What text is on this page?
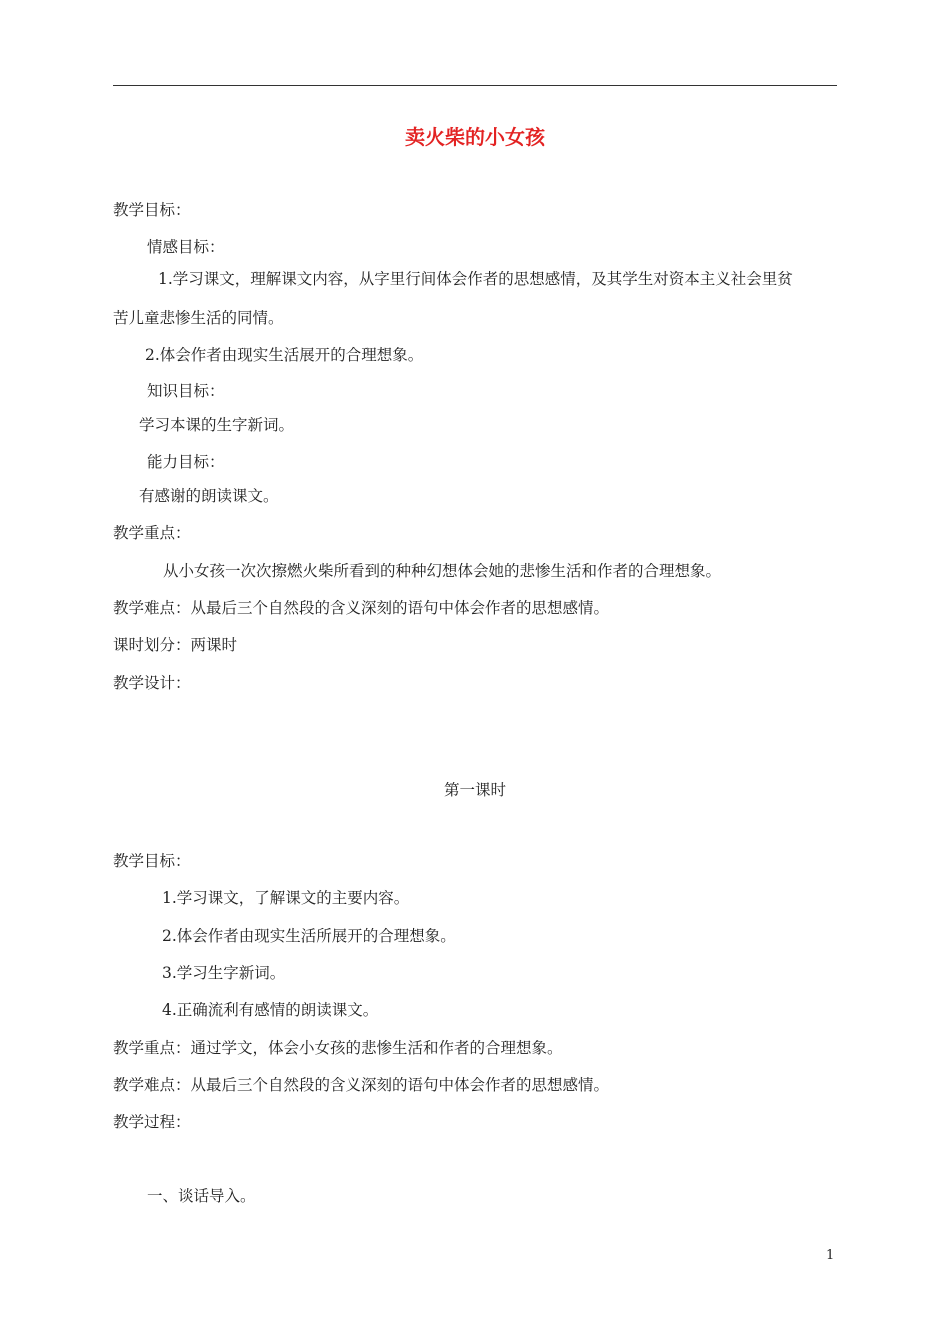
卖火柴的小女孩
教学目标：
情感目标：
1.学习课文，理解课文内容，从字里行间体会作者的思想感情，及其学生对资本主义社会里贫
苦儿童悲惨生活的同情。
2.体会作者由现实生活展开的合理想象。
知识目标：
学习本课的生字新词。
能力目标：
有感谢的朗读课文。
教学重点：
从小女孩一次次擦燃火柴所看到的种种幻想体会她的悲惨生活和作者的合理想象。
教学难点：从最后三个自然段的含义深刻的语句中体会作者的思想感情。
课时划分：两课时
教学设计：
第一课时
教学目标：
1.学习课文，了解课文的主要内容。
2.体会作者由现实生活所展开的合理想象。
3.学习生字新词。
4.正确流利有感情的朗读课文。
教学重点：通过学文，体会小女孩的悲惨生活和作者的合理想象。
教学难点：从最后三个自然段的含义深刻的语句中体会作者的思想感情。
教学过程：
一、谈话导入。
1
